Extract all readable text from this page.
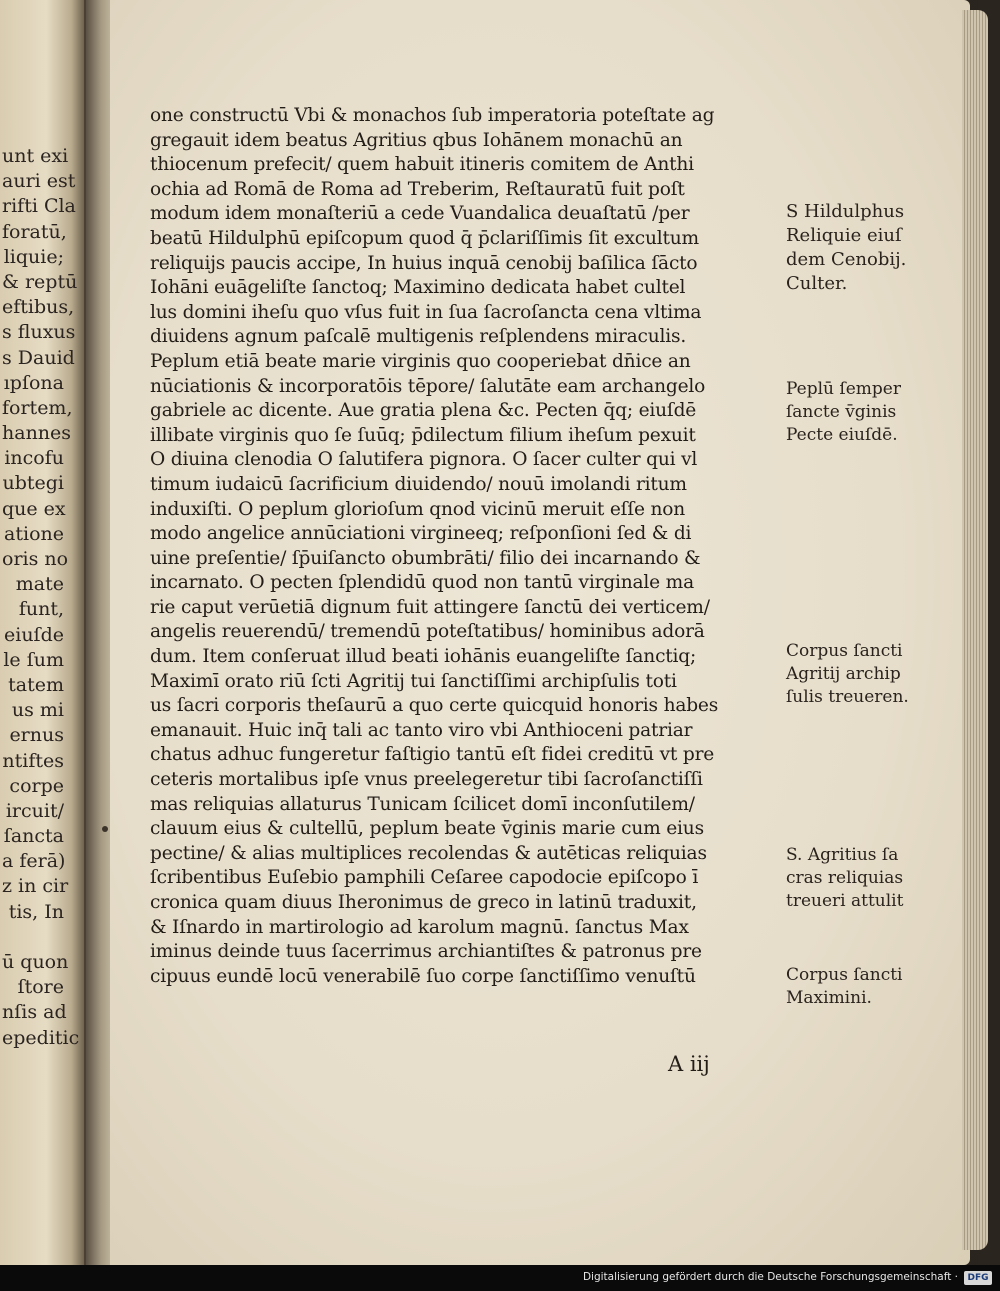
unt exi
auri est
rifti Cla
foratū,
liquie;
& reptū
eftibus,
s fluxus
s Dauid
ıpſona
fortem,
hannes
incofu
ubtegi
que ex
atione
oris no
mate
funt,
eiuſde
le ſum
tatem
us mi
ernus
ntiftes
corpe
ircuit/
ſancta
a ferā)
z in cir
tis, In
ū quon
ſtore
nſis ad
epeditic

one constructū Vbi & monachos ſub imperatoria poteſtate ag
gregauit idem beatus Agritius qbus Iohānem monachū an
thiocenum prefecit/ quem habuit itineris comitem de Anthi
ochia ad Romā de Roma ad Treberim, Reſtauratū fuit poſt
modum idem monaſteriū a cede Vuandalica deuaſtatū /per
beatū Hildulphū epiſcopum quod q̄ p̄clariſſimis ſit excultum
reliquijs paucis accipe, In huius inquā cenobij baſilica ſācto
Iohāni euāgeliſte ſanctoq; Maximino dedicata habet cultel
lus domini iheſu quo vſus fuit in ſua ſacroſancta cena vltima
diuidens agnum paſcalē multigenis reſplendens miraculis.
Peplum etiā beate marie virginis quo cooperiebat dn̄ice an
nūciationis & incorporatōis tēpore/ ſalutāte eam archangelo
gabriele ac dicente. Aue gratia plena &c. Pecten q̄q; eiuſdē
illibate virginis quo ſe ſuūq; p̄dilectum filium iheſum pexuit
O diuina clenodia O ſalutifera pignora. O ſacer culter qui vl
timum iudaicū ſacrificium diuidendo/ nouū imolandi ritum
induxiſti. O peplum glorioſum qnod vicinū meruit eſſe non
modo angelice annūciationi virgineeq; reſponſioni ſed & di
uine preſentie/ ſp̄uiſancto obumbrāti/ filio dei incarnando &
incarnato. O pecten ſplendidū quod non tantū virginale ma
rie caput verūetiā dignum fuit attingere ſanctū dei verticem/
angelis reuerendū/ tremendū poteſtatibus/ hominibus adorā
dum. Item conſeruat illud beati iohānis euangeliſte ſanctiq;
Maximī orato riū ſcti Agritij tui ſanctiſſimi archipſulis toti
us ſacri corporis theſaurū a quo certe quicquid honoris habes
emanauit. Huic inq̄ tali ac tanto viro vbi Anthioceni patriar
chatus adhuc fungeretur faſtigio tantū eſt fidei creditū vt pre
ceteris mortalibus ipſe vnus preelegeretur tibi ſacroſanctiſſi
mas reliquias allaturus Tunicam ſcilicet domī inconſutilem/
clauum eius & cultellū, peplum beate v̄ginis marie cum eius
pectine/ & alias multiplices recolendas & autēticas reliquias
ſcribentibus Euſebio pamphili Ceſaree capodocie epiſcopo ī
cronica quam diuus Iheronimus de greco in latinū traduxit,
& Iſnardo in martirologio ad karolum magnū. ſanctus Max
iminus deinde tuus ſacerrimus archiantiſtes & patronus pre
cipuus eundē locū venerabilē ſuo corpe ſanctiſſimo venuſtū
A iij
S Hildulphus
Reliquie eiuſ
dem Cenobij.
Culter.
Peplū ſemper
ſancte v̄ginis
Pecte eiuſdē.
Corpus ſancti
Agritij archip
ſulis treueren.
S. Agritius ſa
cras reliquias
treueri attulit
Corpus ſancti
Maximini.
Digitalisierung gefördert durch die Deutsche Forschungsgemeinschaft ·	DFG
